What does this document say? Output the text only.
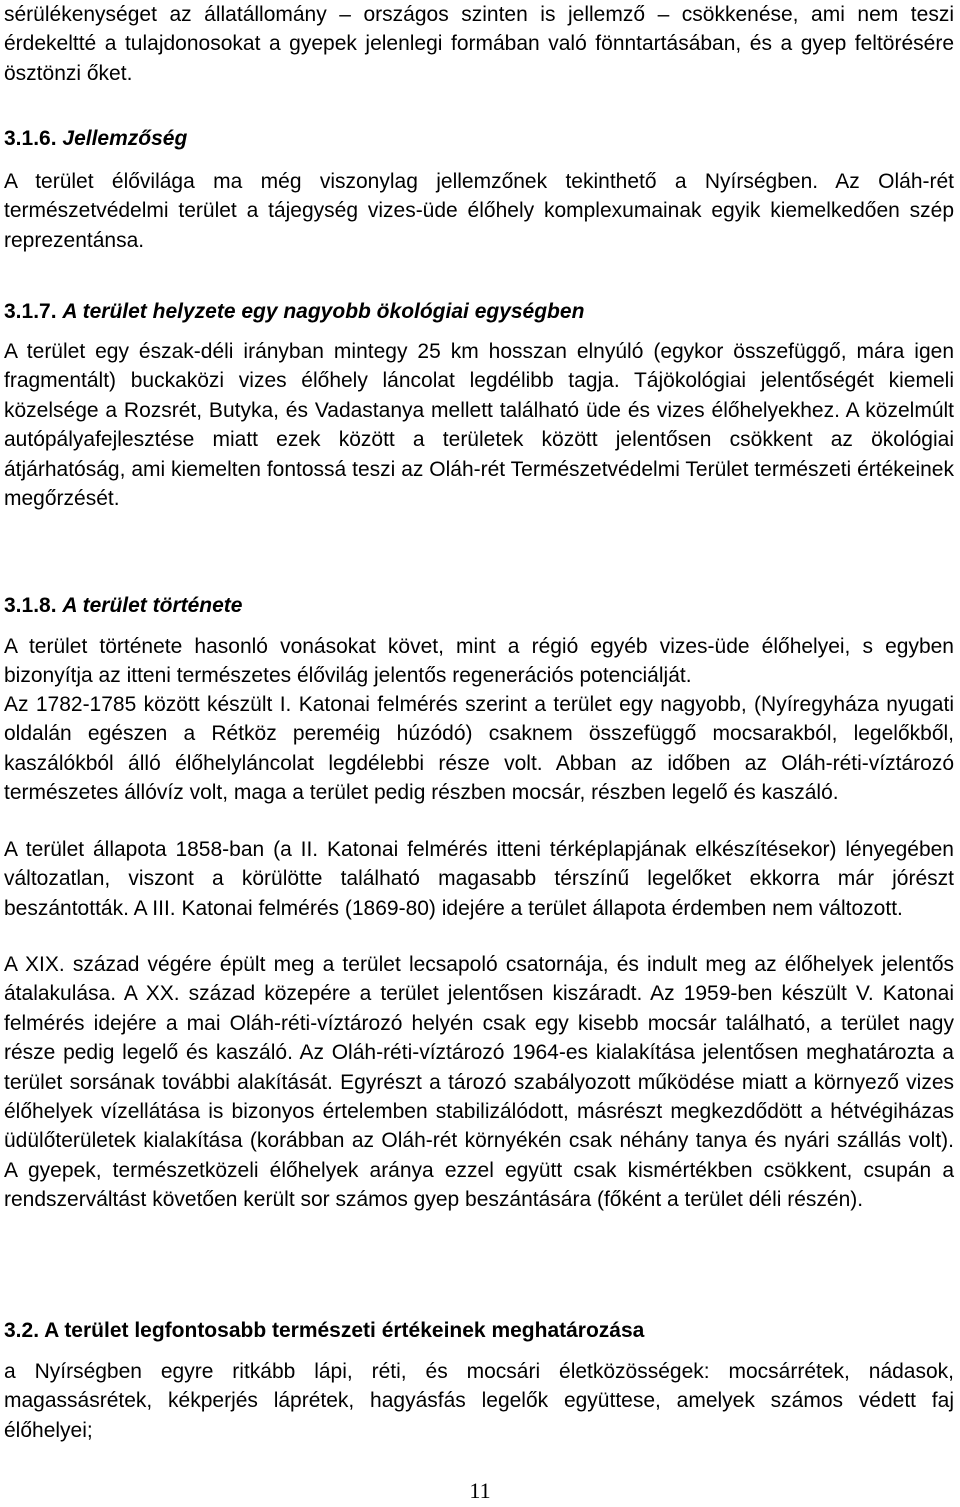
sérülékenységet az állatállomány – országos szinten is jellemző – csökkenése, ami nem teszi érdekeltté a tulajdonosokat a gyepek jelenlegi formában való fönntartásában, és a gyep feltörésére ösztönzi őket.

3.1.6. Jellemzőség

A terület élővilága ma még viszonylag jellemzőnek tekinthető a Nyírségben. Az Oláh-rét természetvédelmi terület a tájegység vizes-üde élőhely komplexumainak egyik kiemelkedően szép reprezentánsa.

3.1.7. A terület helyzete egy nagyobb ökológiai egységben

A terület egy észak-déli irányban mintegy 25 km hosszan elnyúló (egykor összefüggő, mára igen fragmentált) buckaközi vizes élőhely láncolat legdélibb tagja. Tájökológiai jelentőségét kiemeli közelsége a Rozsrét, Butyka, és Vadastanya mellett található üde és vizes élőhelyekhez. A közelmúlt autópályafejlesztése miatt ezek között a területek között jelentősen csökkent az ökológiai átjárhatóság, ami kiemelten fontossá teszi az Oláh-rét Természetvédelmi Terület természeti értékeinek megőrzését.

3.1.8. A terület története

A terület története hasonló vonásokat követ, mint a régió egyéb vizes-üde élőhelyei, s egyben bizonyítja az itteni természetes élővilág jelentős regenerációs potenciálját.

Az 1782-1785 között készült I. Katonai felmérés szerint a terület egy nagyobb, (Nyíregyháza nyugati oldalán egészen a Rétköz pereméig húzódó) csaknem összefüggő mocsarakból, legelőkből, kaszálókból álló élőhelyláncolat legdélebbi része volt. Abban az időben az Oláh-réti-víztározó természetes állóvíz volt, maga a terület pedig részben mocsár, részben legelő és kaszáló.

A terület állapota 1858-ban (a II. Katonai felmérés itteni térképlapjának elkészítésekor) lényegében változatlan, viszont a körülötte található magasabb térszínű legelőket ekkorra már jórészt beszántották. A III. Katonai felmérés (1869-80) idejére a terület állapota érdemben nem változott.

A XIX. század végére épült meg a terület lecsapoló csatornája, és indult meg az élőhelyek jelentős átalakulása. A XX. század közepére a terület jelentősen kiszáradt. Az 1959-ben készült V. Katonai felmérés idejére a mai Oláh-réti-víztározó helyén csak egy kisebb mocsár található, a terület nagy része pedig legelő és kaszáló. Az Oláh-réti-víztározó 1964-es kialakítása jelentősen meghatározta a terület sorsának további alakítását. Egyrészt a tározó szabályozott működése miatt a környező vizes élőhelyek vízellátása is bizonyos értelemben stabilizálódott, másrészt megkezdődött a hétvégiházas üdülőterületek kialakítása (korábban az Oláh-rét környékén csak néhány tanya és nyári szállás volt). A gyepek, természetközeli élőhelyek aránya ezzel együtt csak kismértékben csökkent, csupán a rendszerváltást követően került sor számos gyep beszántására (főként a terület déli részén).

3.2. A terület legfontosabb természeti értékeinek meghatározása

a Nyírségben egyre ritkább lápi, réti, és mocsári életközösségek: mocsárrétek, nádasok, magassásrétek, kékperjés láprétek, hagyásfás legelők együttese, amelyek számos védett faj élőhelyei;

11
